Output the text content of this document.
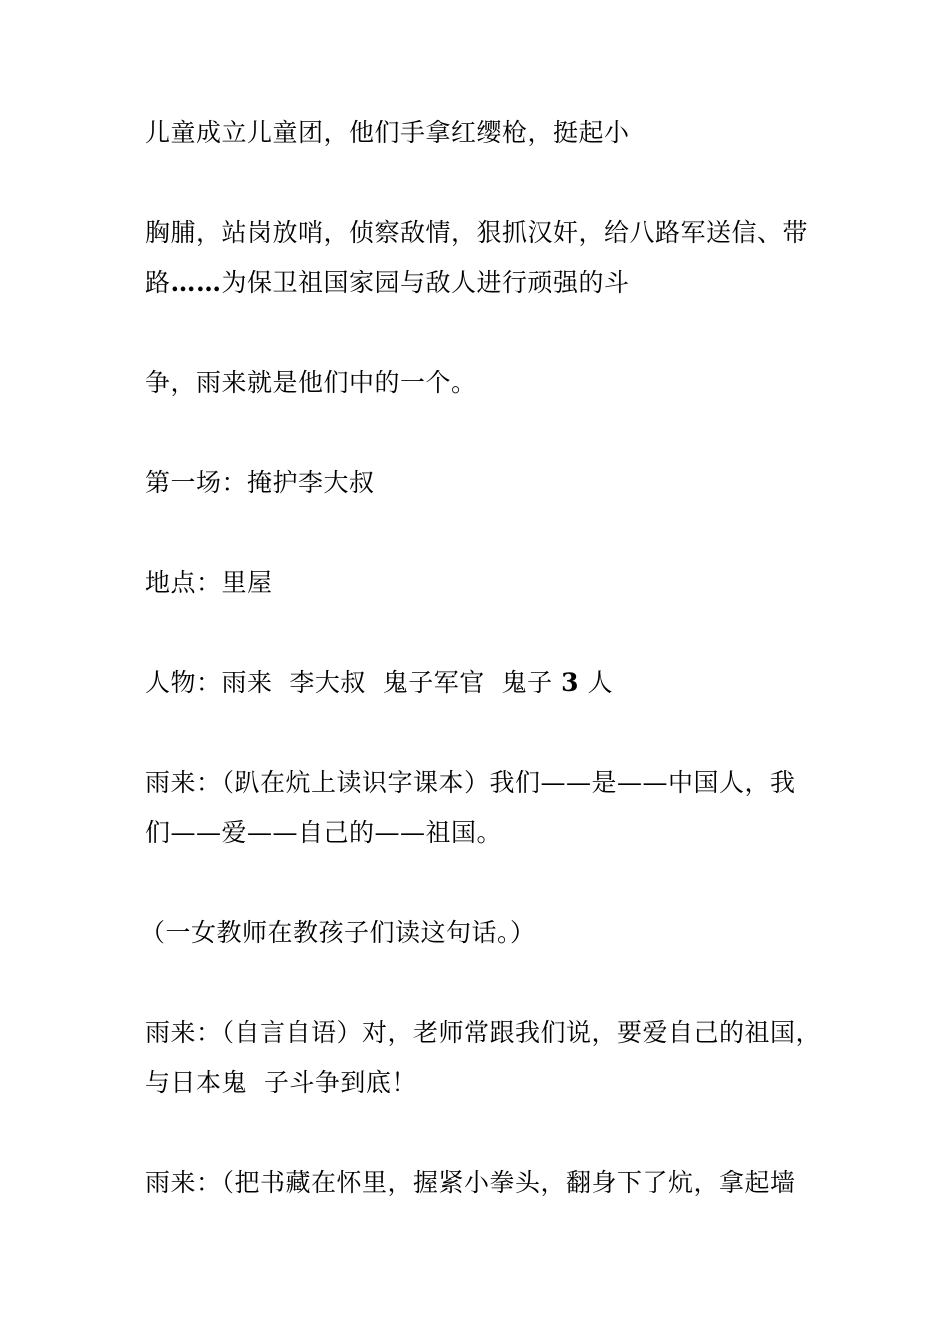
儿童成立儿童团，他们手拿红缨枪，挺起小
胸脯，站岗放哨，侦察敌情，狠抓汉奸，给八路军送信、带
路……为保卫祖国家园与敌人进行顽强的斗
争，雨来就是他们中的一个。
第一场：掩护李大叔
地点：里屋
人物：雨来  李大叔  鬼子军官  鬼子 3 人
雨来：（趴在炕上读识字课本）我们——是——中国人，我
们——爱——自己的——祖国。
（一女教师在教孩子们读这句话。）
雨来：（自言自语）对，老师常跟我们说，要爱自己的祖国，
与日本鬼  子斗争到底！
雨来：（把书藏在怀里，握紧小拳头，翻身下了炕，拿起墙
